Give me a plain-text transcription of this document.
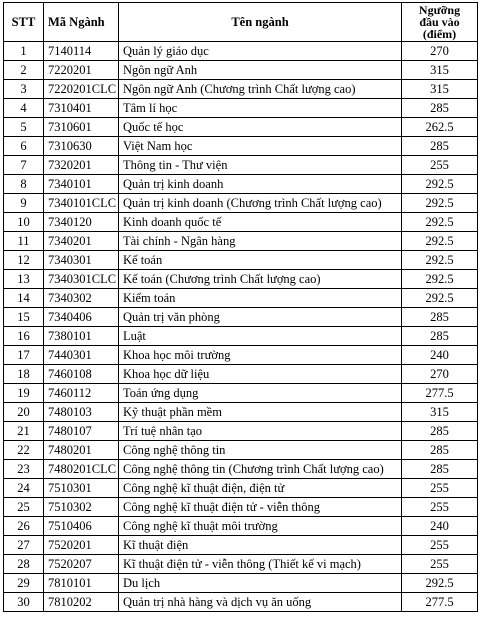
STT	Mã Ngành	Tên ngành	Ngưỡng
đầu vào
(điểm)

1	7140114	Quản lý giáo dục	270
2	7220201	Ngôn ngữ Anh	315
3	7220201CLC	Ngôn ngữ Anh (Chương trình Chất lượng cao)	315
4	7310401	Tâm lí học	285
5	7310601	Quốc tế học	262.5
6	7310630	Việt Nam học	285
7	7320201	Thông tin - Thư viện	255
8	7340101	Quản trị kinh doanh	292.5
9	7340101CLC	Quản trị kinh doanh (Chương trình Chất lượng cao)	292.5
10	7340120	Kinh doanh quốc tế	292.5
11	7340201	Tài chính - Ngân hàng	292.5
12	7340301	Kế toán	292.5
13	7340301CLC	Kế toán (Chương trình Chất lượng cao)	292.5
14	7340302	Kiểm toán	292.5
15	7340406	Quản trị văn phòng	285
16	7380101	Luật	285
17	7440301	Khoa học môi trường	240
18	7460108	Khoa học dữ liệu	270
19	7460112	Toán ứng dụng	277.5
20	7480103	Kỹ thuật phần mềm	315
21	7480107	Trí tuệ nhân tạo	285
22	7480201	Công nghệ thông tin	285
23	7480201CLC	Công nghệ thông tin (Chương trình Chất lượng cao)	285
24	7510301	Công nghệ kĩ thuật điện, điện tử	255
25	7510302	Công nghệ kĩ thuật điện tử - viễn thông	255
26	7510406	Công nghệ kĩ thuật môi trường	240
27	7520201	Kĩ thuật điện	255
28	7520207	Kĩ thuật điện tử - viễn thông (Thiết kế vi mạch)	255
29	7810101	Du lịch	292.5
30	7810202	Quản trị nhà hàng và dịch vụ ăn uống	277.5
